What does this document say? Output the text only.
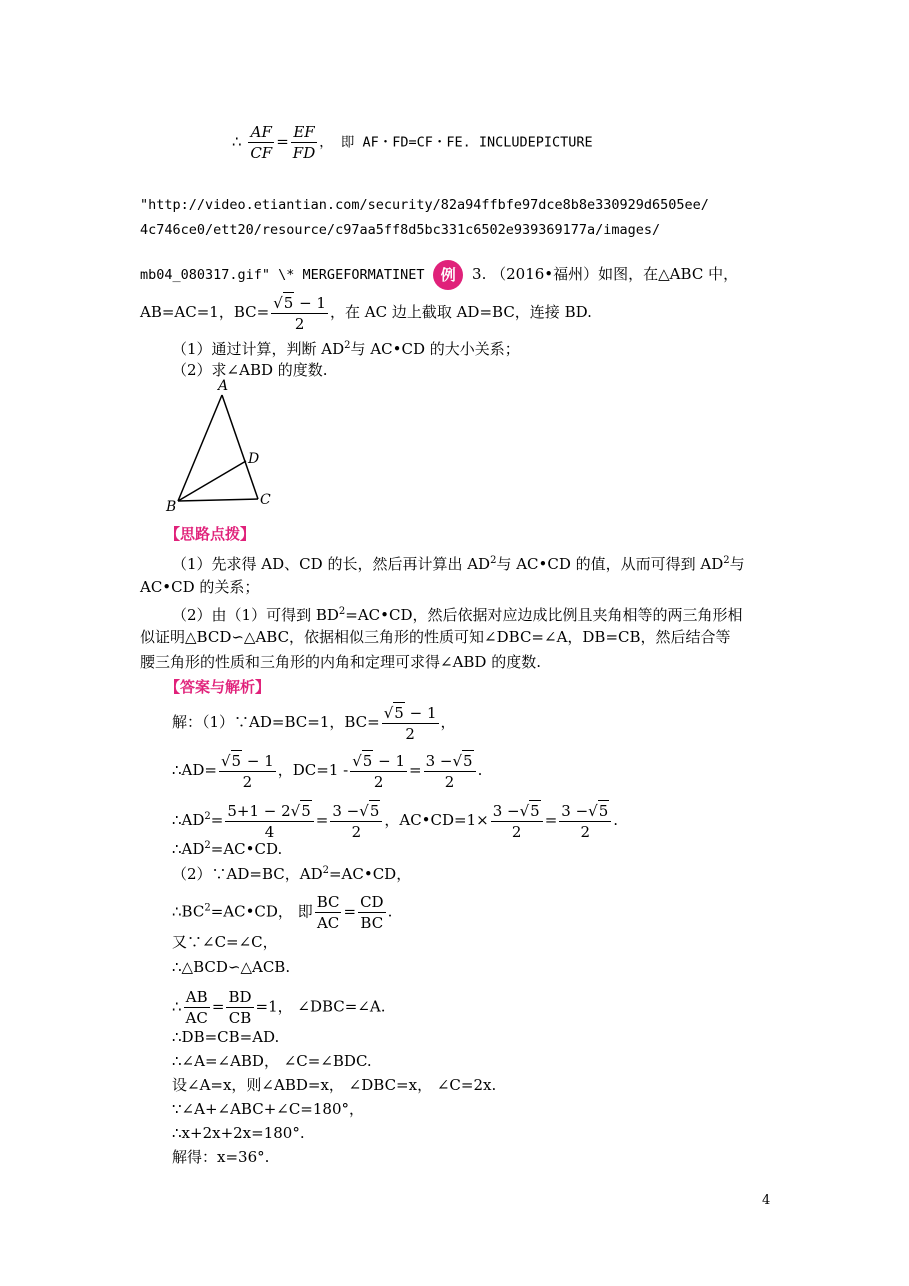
∴ $\frac{AF}{CF} = \frac{EF}{FD}$ ， 即 AF・FD=CF・FE. INCLUDEPICTURE
"http://video.etiantian.com/security/82a94ffbfe97dce8b8e330929d6505ee/
4c746ce0/ett20/resource/c97aa5ff8d5bc331c6502e939369177a/images/
mb04_080317.gif" \* MERGEFORMATINET 例 3. （2016•福州）如图，在△ABC 中，
AB=AC=1，$BC= \frac{√5 - 1}{2}$ ，在 AC 边上截取 AD=BC，连接 BD.
（1）通过计算，判断 $AD^2$与 AC•CD 的大小关系；
（2）求∠ABD 的度数.
A
B	C
D
【思路点拨】
（1）先求得 AD、CD 的长，然后再计算出 $AD^2$与 AC•CD 的值，从而可得到 $AD^2$与
AC•CD 的关系；
（2）由（1）可得到 $BD^2=AC•CD$，然后依据对应边成比例且夹角相等的两三角形相
似证明△BCD∽△ABC，依据相似三角形的性质可知∠DBC=∠A，DB=CB，然后结合等
腰三角形的性质和三角形的内角和定理可求得∠ABD 的度数.
【答案与解析】
解：（1）∵AD=BC=1，$BC= \frac{√5 - 1}{2}$ ，
∴AD= $\frac{√5 - 1}{2}$ ，$DC=1 - \frac{√5 - 1}{2} = \frac{3 -√5}{2}$ .
$\therefore AD^2= \frac{5+1 - 2√5}{4} = \frac{3 -√5}{2}$ ，AC•CD=1× $\frac{3 -√5}{2} = \frac{3 -√5}{2}$ .
$\therefore AD^2=AC•CD$.
（2）∵AD=BC，$AD^2=AC•CD$，
$\therefore BC^2=AC•CD$， 即 $\frac{BC}{AC} = \frac{CD}{BC}$ .
又∵∠C=∠C，
∴△BCD∽△ACB.
∴ $\frac{AB}{AC} = \frac{BD}{CB} =1$， ∠DBC=∠A.
∴DB=CB=AD.
∴∠A=∠ABD， ∠C=∠BDC.
设∠A=x，则∠ABD=x， ∠DBC=x， ∠C=2x.
∵∠A+∠ABC+∠C=180°，
∴x+2x+2x=180°.
解得：x=36°.
4
